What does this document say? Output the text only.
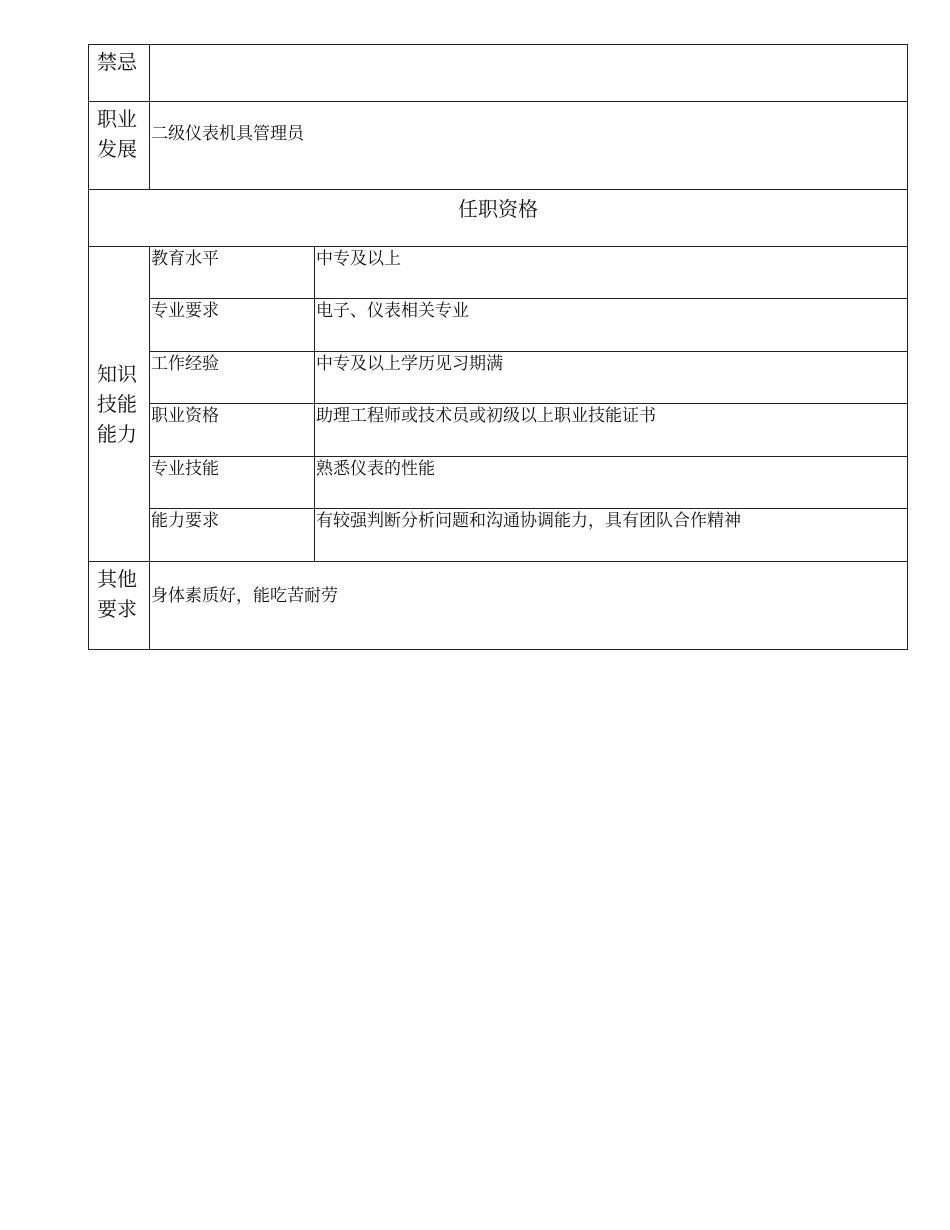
禁忌		

职业
发展	二级仪表机具管理员	
任职资格		

知识
技能
能力	教育水平	中专及以上
	专业要求	电子、仪表相关专业
	工作经验	中专及以上学历见习期满
	职业资格	助理工程师或技术员或初级以上职业技能证书
	专业技能	熟悉仪表的性能
	能力要求	有较强判断分析问题和沟通协调能力，具有团队合作精神

其他
要求	身体素质好，能吃苦耐劳	
